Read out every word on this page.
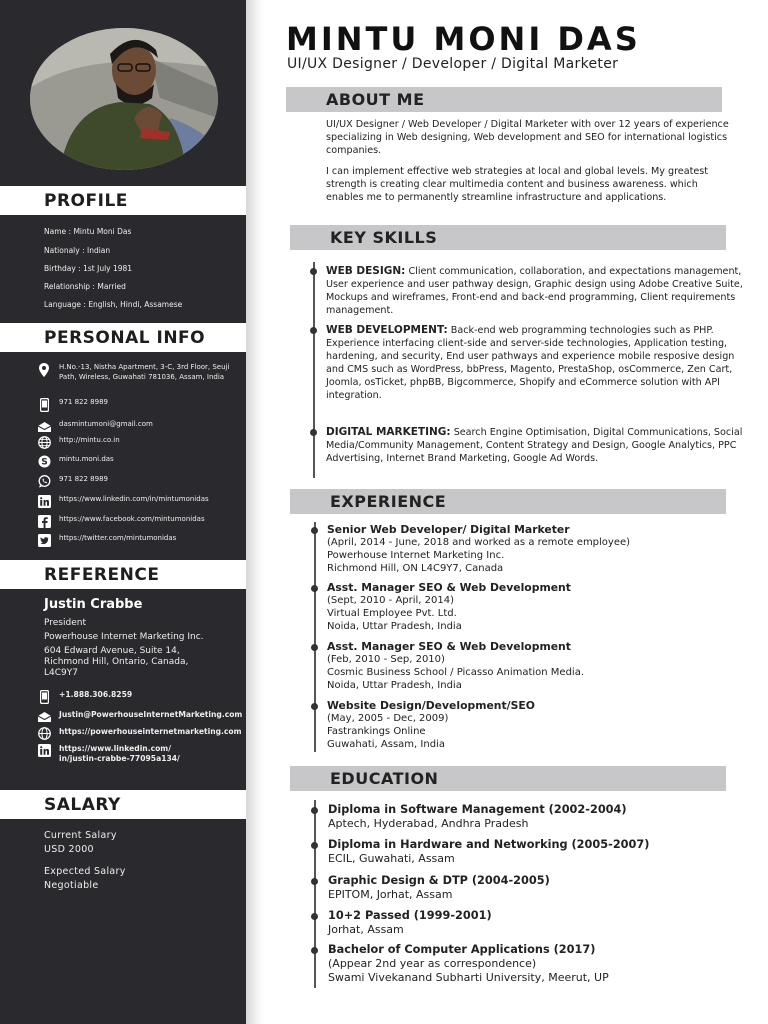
PROFILE
Name : Mintu Moni Das
Nationaly : Indian
Birthday : 1st July 1981
Relationship : Married
Language : English, Hindi, Assamese
PERSONAL INFO
H.No.-13, Nistha Apartment, 3-C, 3rd Floor, Seuji Path, Wireless, Guwahati 781036, Assam, India
971 822 8989
dasmintumoni@gmail.com
http://mintu.co.in
S mintu.moni.das
971 822 8989
https://www.linkedin.com/in/mintumonidas
https://www.facebook.com/mintumonidas
https://twitter.com/mintumonidas
REFERENCE
Justin Crabbe
President
Powerhouse Internet Marketing Inc.
604 Edward Avenue, Suite 14, Richmond Hill, Ontario, Canada, L4C9Y7
+1.888.306.8259
Justin@PowerhouseInternetMarketing.com
https://powerhouseinternetmarketing.com
https://www.linkedin.com/ in/justin-crabbe-77095a134/
SALARY
Current Salary
USD 2000
Expected Salary
Negotiable
MINTU MONI DAS
UI/UX Designer / Developer / Digital Marketer
ABOUT ME
UI/UX Designer / Web Developer / Digital Marketer with over 12 years of experience specializing in Web designing, Web development and SEO for international logistics companies.
I can implement effective web strategies at local and global levels. My greatest strength is creating clear multimedia content and business awareness. which enables me to permanently streamline infrastructure and applications.
KEY SKILLS
WEB DESIGN: Client communication, collaboration, and expectations management, User experience and user pathway design, Graphic design using Adobe Creative Suite, Mockups and wireframes, Front-end and back-end programming, Client requirements management.
WEB DEVELOPMENT: Back-end web programming technologies such as PHP. Experience interfacing client-side and server-side technologies, Application testing, hardening, and security, End user pathways and experience mobile resposive design and CMS such as WordPress, bbPress, Magento, PrestaShop, osCommerce, Zen Cart, Joomla, osTicket, phpBB, Bigcommerce, Shopify and eCommerce solution with API integration.
DIGITAL MARKETING: Search Engine Optimisation, Digital Communications, Social Media/Community Management, Content Strategy and Design, Google Analytics, PPC Advertising, Internet Brand Marketing, Google Ad Words.
EXPERIENCE
Senior Web Developer/ Digital Marketer
(April, 2014 - June, 2018 and worked as a remote employee)
Powerhouse Internet Marketing Inc.
Richmond Hill, ON L4C9Y7, Canada
Asst. Manager SEO & Web Development
(Sept, 2010 - April, 2014)
Virtual Employee Pvt. Ltd.
Noida, Uttar Pradesh, India
Asst. Manager SEO & Web Development
(Feb, 2010 - Sep, 2010)
Cosmic Business School / Picasso Animation Media.
Noida, Uttar Pradesh, India
Website Design/Development/SEO
(May, 2005 - Dec, 2009)
Fastrankings Online
Guwahati, Assam, India
EDUCATION
Diploma in Software Management (2002-2004)
Aptech, Hyderabad, Andhra Pradesh
Diploma in Hardware and Networking (2005-2007)
ECIL, Guwahati, Assam
Graphic Design & DTP (2004-2005)
EPITOM, Jorhat, Assam
10+2 Passed (1999-2001)
Jorhat, Assam
Bachelor of Computer Applications (2017)
(Appear 2nd year as correspondence)
Swami Vivekanand Subharti University, Meerut, UP
